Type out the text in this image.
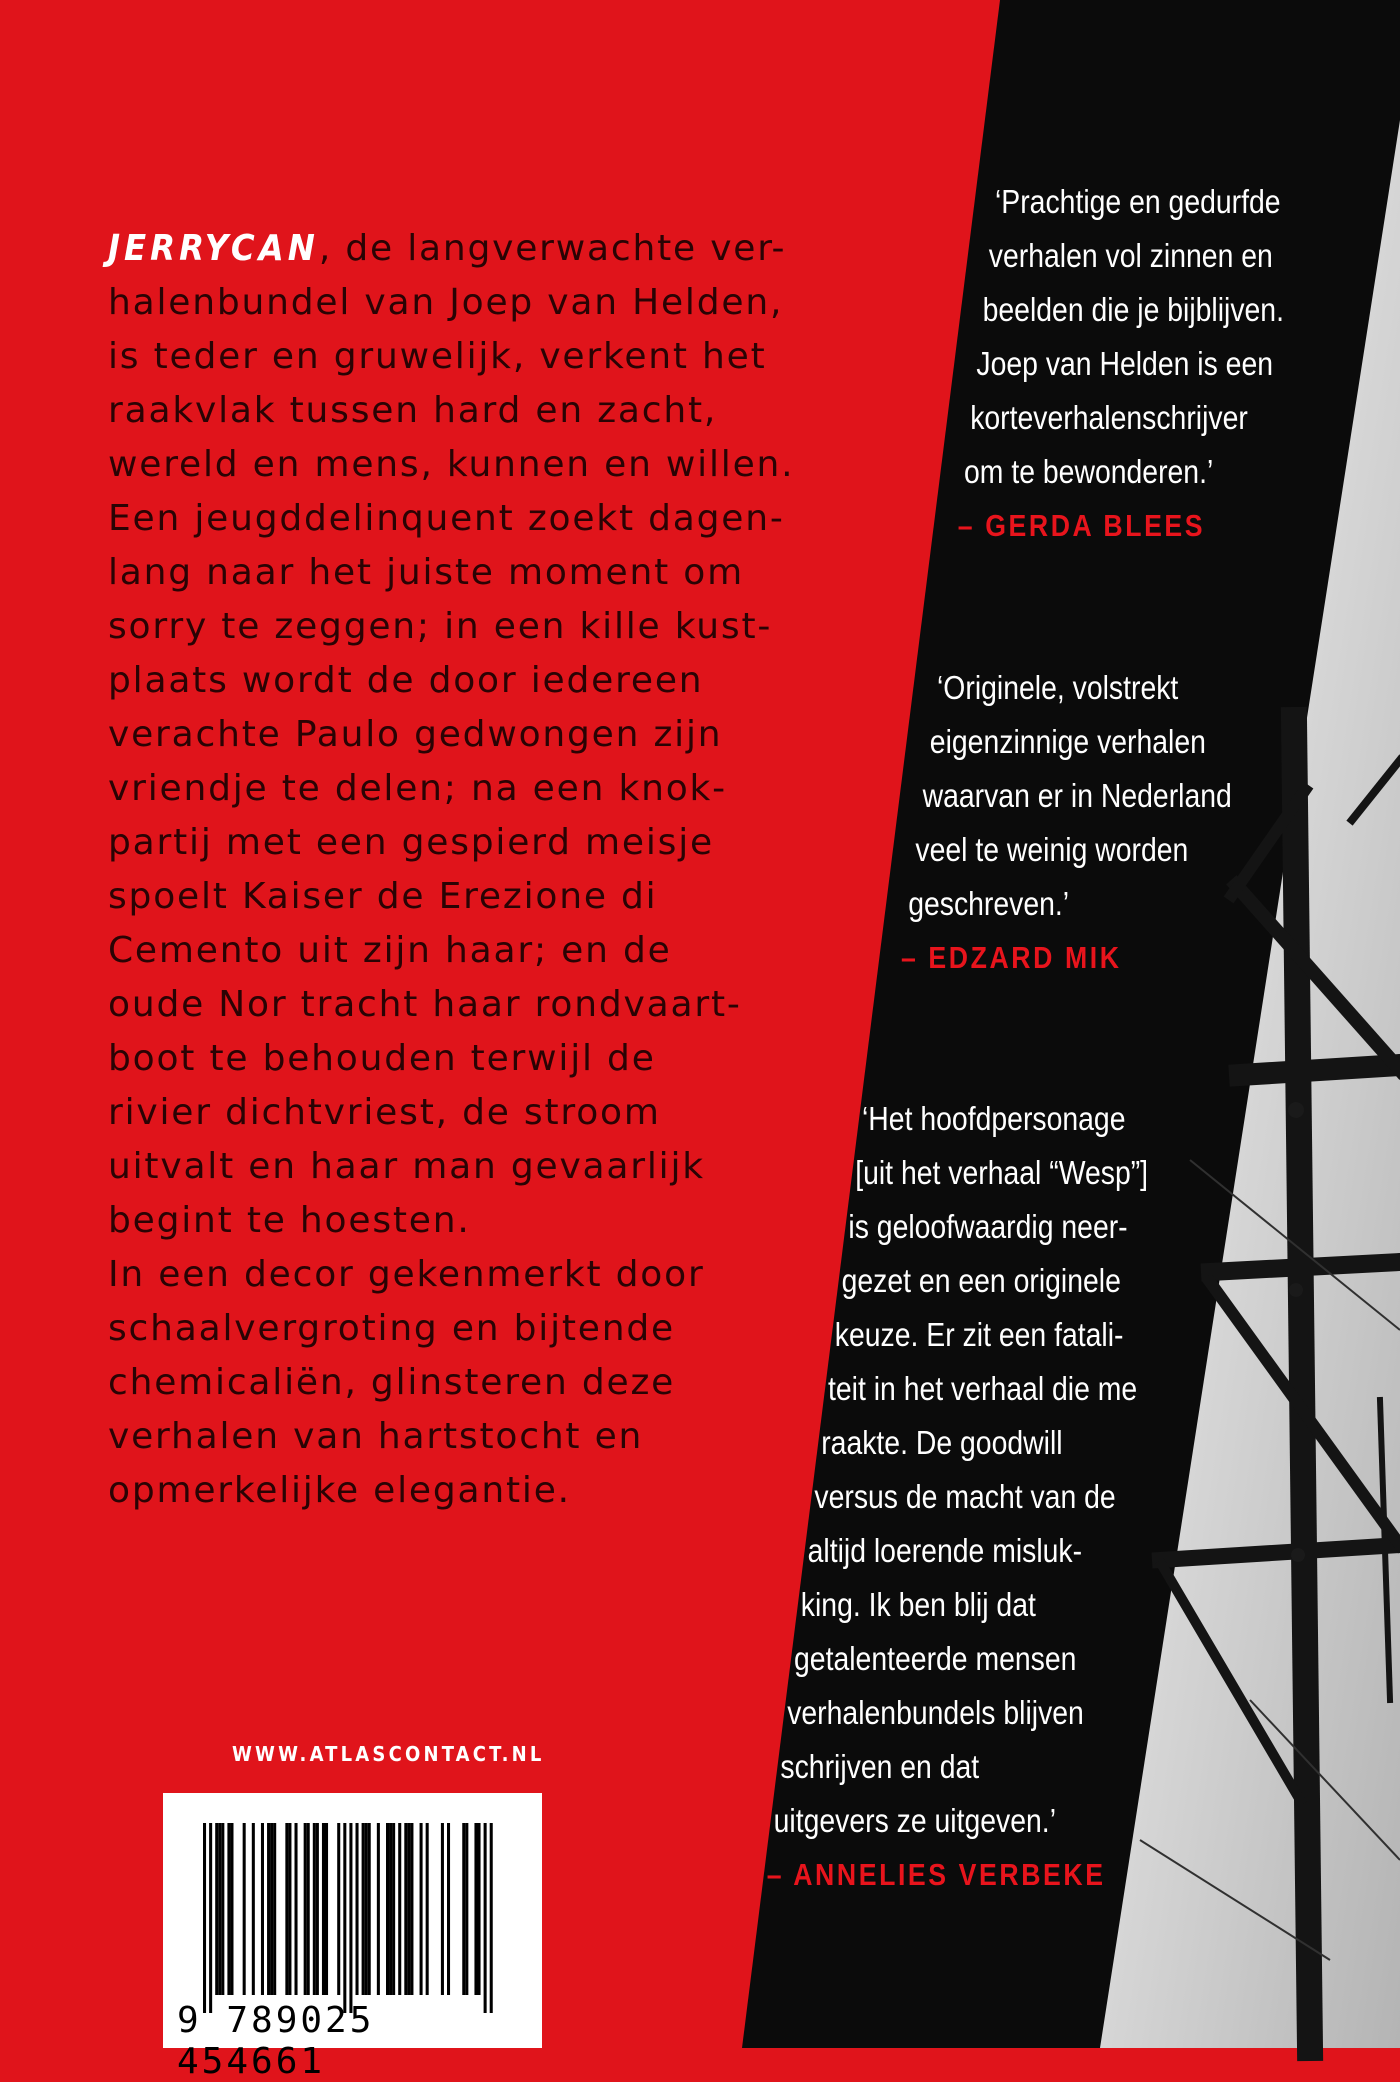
JERRYCAN, de langverwachte ver-
halenbundel van Joep van Helden,
is teder en gruwelijk, verkent het
raakvlak tussen hard en zacht,
wereld en mens, kunnen en willen.
Een jeugddelinquent zoekt dagen-
lang naar het juiste moment om
sorry te zeggen; in een kille kust-
plaats wordt de door iedereen
verachte Paulo gedwongen zijn
vriendje te delen; na een knok-
partij met een gespierd meisje
spoelt Kaiser de Erezione di
Cemento uit zijn haar; en de
oude Nor tracht haar rondvaart-
boot te behouden terwijl de
rivier dichtvriest, de stroom
uitvalt en haar man gevaarlijk
begint te hoesten.
In een decor gekenmerkt door
schaalvergroting en bijtende
chemicaliën, glinsteren deze
verhalen van hartstocht en
opmerkelijke elegantie.
‘Prachtige en gedurfde
verhalen vol zinnen en
beelden die je bijblijven.
Joep van Helden is een
korteverhalenschrijver
om te bewonderen.’
– GERDA BLEES
‘Originele, volstrekt
eigenzinnige verhalen
waarvan er in Nederland
veel te weinig worden
geschreven.’
– EDZARD MIK
‘Het hoofdpersonage
[uit het verhaal “Wesp”]
is geloofwaardig neer-
gezet en een originele
keuze. Er zit een fatali-
teit in het verhaal die me
raakte. De goodwill
versus de macht van de
altijd loerende misluk-
king. Ik ben blij dat
getalenteerde mensen
verhalenbundels blijven
schrijven en dat
uitgevers ze uitgeven.’
– ANNELIES VERBEKE
WWW.ATLASCONTACT.NL
9 789025 454661
